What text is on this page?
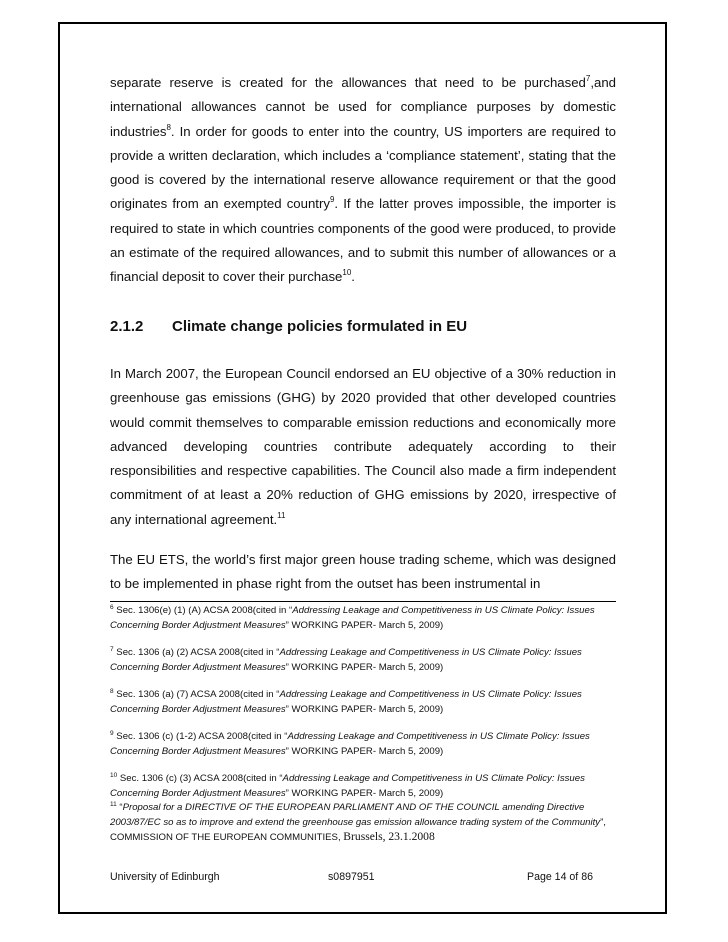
separate reserve is created for the allowances that need to be purchased$^7$,and international allowances cannot be used for compliance purposes by domestic industries$^8$. In order for goods to enter into the country, US importers are required to provide a written declaration, which includes a ‘compliance statement’, stating that the good is covered by the international reserve allowance requirement or that the good originates from an exempted country$^9$. If the latter proves impossible, the importer is required to state in which countries components of the good were produced, to provide an estimate of the required allowances, and to submit this number of allowances or a financial deposit to cover their purchase$^{10}$.

2.1.2 Climate change policies formulated in EU

In March 2007, the European Council endorsed an EU objective of a 30% reduction in greenhouse gas emissions (GHG) by 2020 provided that other developed countries would commit themselves to comparable emission reductions and economically more advanced developing countries contribute adequately according to their responsibilities and respective capabilities. The Council also made a firm independent commitment of at least a 20% reduction of GHG emissions by 2020, irrespective of any international agreement.$^{11}$

The EU ETS, the world’s first major green house trading scheme, which was designed to be implemented in phase right from the outset has been instrumental in

$^6$ Sec. 1306(e) (1) (A) ACSA 2008(cited in “Addressing Leakage and Competitiveness in US Climate Policy: Issues Concerning Border Adjustment Measures” WORKING PAPER- March 5, 2009)

$^7$ Sec. 1306 (a) (2) ACSA 2008(cited in “Addressing Leakage and Competitiveness in US Climate Policy: Issues Concerning Border Adjustment Measures” WORKING PAPER- March 5, 2009)

$^8$ Sec. 1306 (a) (7) ACSA 2008(cited in “Addressing Leakage and Competitiveness in US Climate Policy: Issues Concerning Border Adjustment Measures” WORKING PAPER- March 5, 2009)

$^9$ Sec. 1306 (c) (1-2) ACSA 2008(cited in “Addressing Leakage and Competitiveness in US Climate Policy: Issues Concerning Border Adjustment Measures” WORKING PAPER- March 5, 2009)

$^{10}$ Sec. 1306 (c) (3) ACSA 2008(cited in “Addressing Leakage and Competitiveness in US Climate Policy: Issues Concerning Border Adjustment Measures” WORKING PAPER- March 5, 2009)

$^{11}$ “Proposal for a DIRECTIVE OF THE EUROPEAN PARLIAMENT AND OF THE COUNCIL amending Directive 2003/87/EC so as to improve and extend the greenhouse gas emission allowance trading system of the Community”, COMMISSION OF THE EUROPEAN COMMUNITIES, Brussels, 23.1.2008

University of Edinburgh	s0897951	Page 14 of 86
